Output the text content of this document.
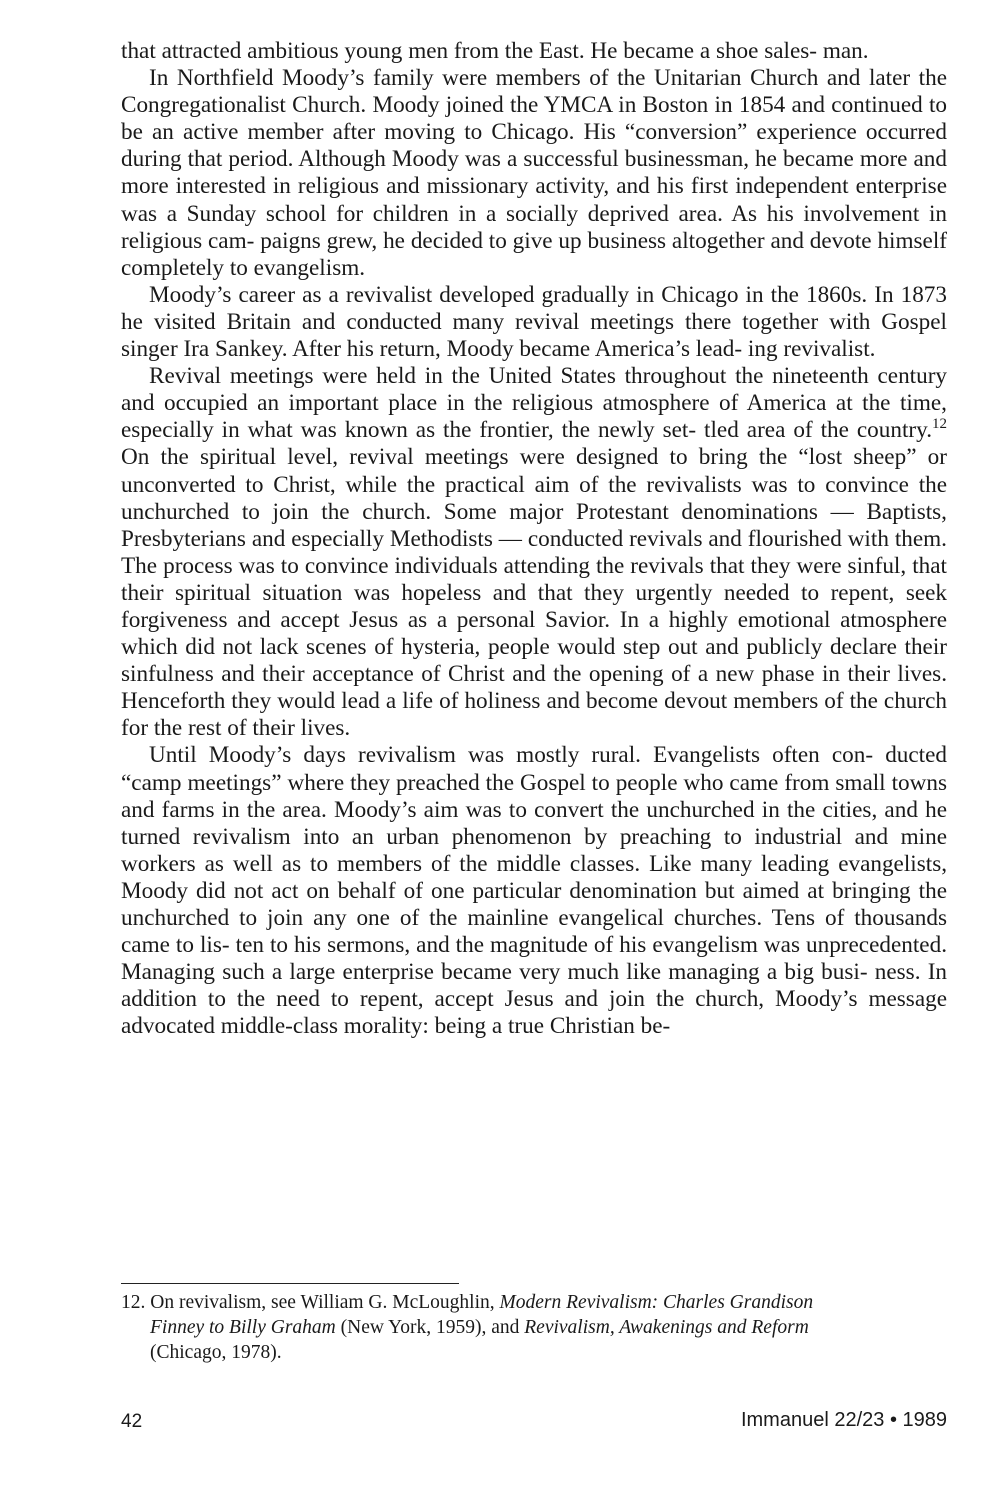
that attracted ambitious young men from the East. He became a shoe sales- man.

In Northfield Moody’s family were members of the Unitarian Church and later the Congregationalist Church. Moody joined the YMCA in Boston in 1854 and continued to be an active member after moving to Chicago. His “conversion” experience occurred during that period. Although Moody was a successful businessman, he became more and more interested in religious and missionary activity, and his first independent enterprise was a Sunday school for children in a socially deprived area. As his involvement in religious cam- paigns grew, he decided to give up business altogether and devote himself completely to evangelism.

Moody’s career as a revivalist developed gradually in Chicago in the 1860s. In 1873 he visited Britain and conducted many revival meetings there together with Gospel singer Ira Sankey. After his return, Moody became America’s lead- ing revivalist.

Revival meetings were held in the United States throughout the nineteenth century and occupied an important place in the religious atmosphere of America at the time, especially in what was known as the frontier, the newly set- tled area of the country.$^{12}$ On the spiritual level, revival meetings were designed to bring the “lost sheep” or unconverted to Christ, while the practical aim of the revivalists was to convince the unchurched to join the church. Some major Protestant denominations — Baptists, Presbyterians and especially Methodists — conducted revivals and flourished with them. The process was to convince individuals attending the revivals that they were sinful, that their spiritual situation was hopeless and that they urgently needed to repent, seek forgiveness and accept Jesus as a personal Savior. In a highly emotional atmosphere which did not lack scenes of hysteria, people would step out and publicly declare their sinfulness and their acceptance of Christ and the opening of a new phase in their lives. Henceforth they would lead a life of holiness and become devout members of the church for the rest of their lives.

Until Moody’s days revivalism was mostly rural. Evangelists often con- ducted “camp meetings” where they preached the Gospel to people who came from small towns and farms in the area. Moody’s aim was to convert the unchurched in the cities, and he turned revivalism into an urban phenomenon by preaching to industrial and mine workers as well as to members of the middle classes. Like many leading evangelists, Moody did not act on behalf of one particular denomination but aimed at bringing the unchurched to join any one of the mainline evangelical churches. Tens of thousands came to lis- ten to his sermons, and the magnitude of his evangelism was unprecedented. Managing such a large enterprise became very much like managing a big busi- ness. In addition to the need to repent, accept Jesus and join the church, Moody’s message advocated middle-class morality: being a true Christian be-

12. On revivalism, see William G. McLoughlin, Modern Revivalism: Charles Grandison
Finney to Billy Graham (New York, 1959), and Revivalism, Awakenings and Reform
(Chicago, 1978).
42	Immanuel 22/23 • 1989
